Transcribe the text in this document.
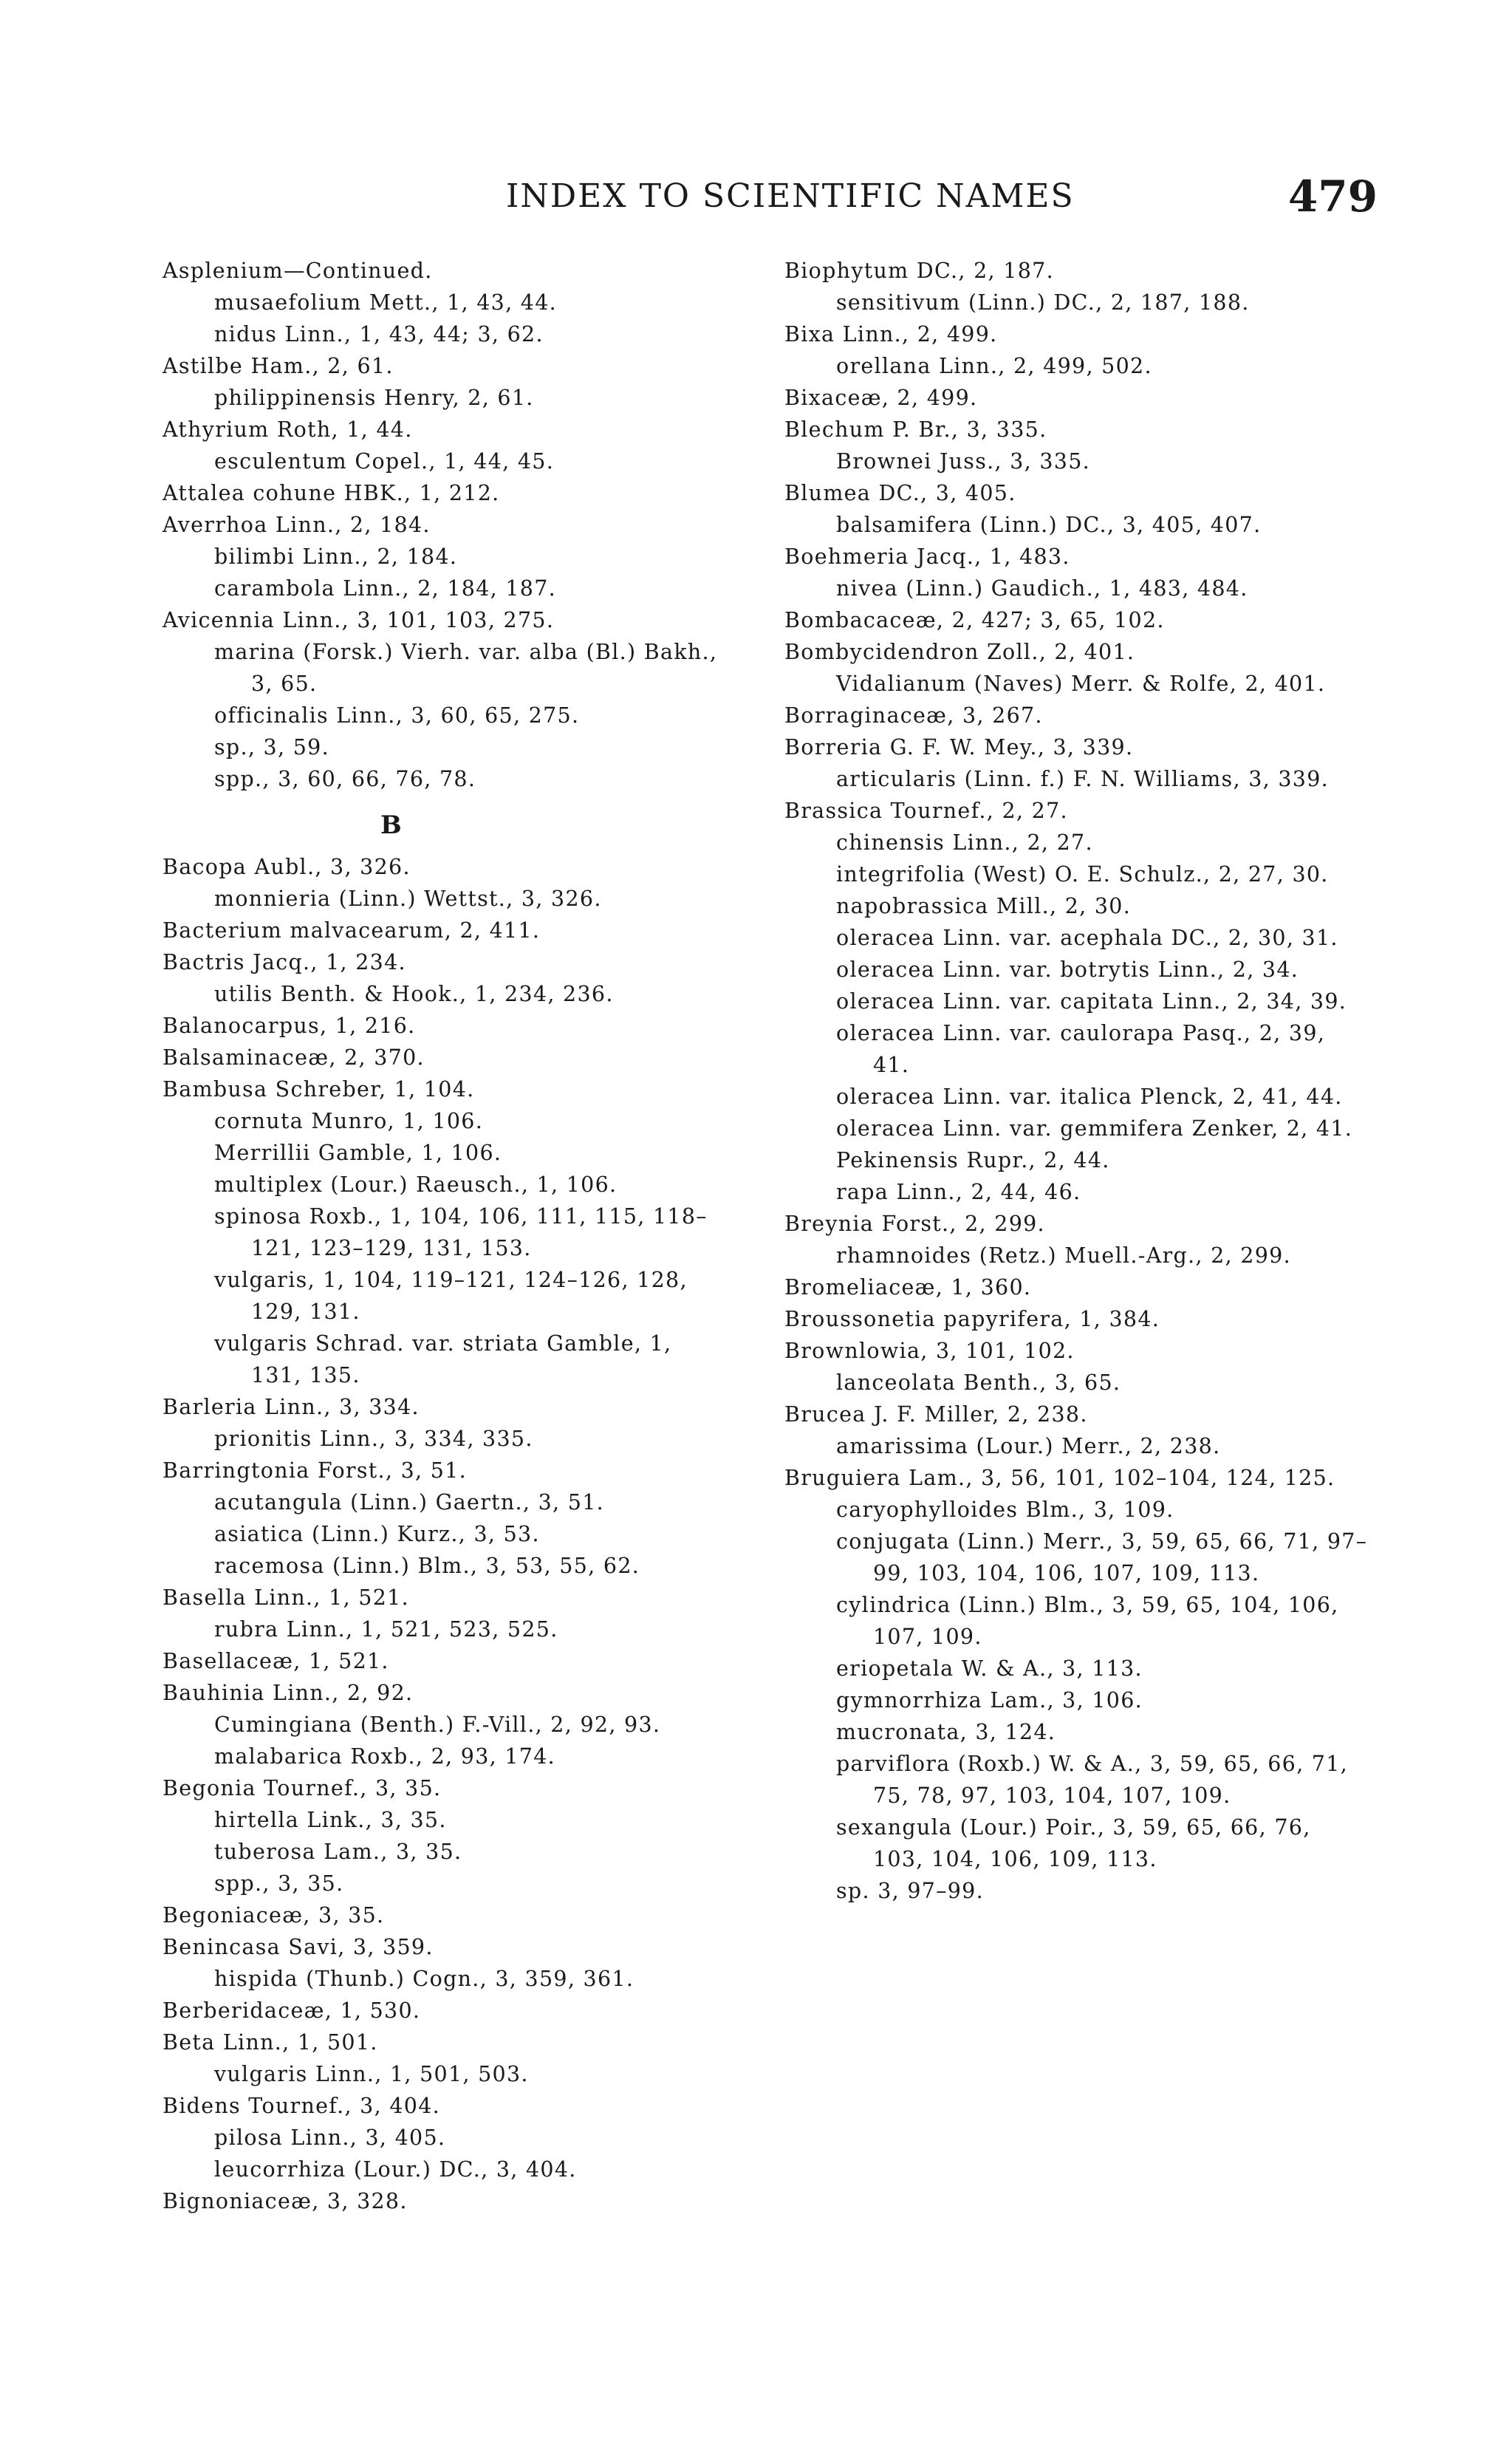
INDEX TO SCIENTIFIC NAMES	479
Asplenium—Continued.
musaefolium Mett., 1, 43, 44.
nidus Linn., 1, 43, 44; 3, 62.
Astilbe Ham., 2, 61.
philippinensis Henry, 2, 61.
Athyrium Roth, 1, 44.
esculentum Copel., 1, 44, 45.
Attalea cohune HBK., 1, 212.
Averrhoa Linn., 2, 184.
bilimbi Linn., 2, 184.
carambola Linn., 2, 184, 187.
Avicennia Linn., 3, 101, 103, 275.
marina (Forsk.) Vierh. var. alba (Bl.) Bakh., 3, 65.
officinalis Linn., 3, 60, 65, 275.
sp., 3, 59.
spp., 3, 60, 66, 76, 78.
B
Bacopa Aubl., 3, 326.
monnieria (Linn.) Wettst., 3, 326.
Bacterium malvacearum, 2, 411.
Bactris Jacq., 1, 234.
utilis Benth. & Hook., 1, 234, 236.
Balanocarpus, 1, 216.
Balsaminaceæ, 2, 370.
Bambusa Schreber, 1, 104.
cornuta Munro, 1, 106.
Merrillii Gamble, 1, 106.
multiplex (Lour.) Raeusch., 1, 106.
spinosa Roxb., 1, 104, 106, 111, 115, 118–121, 123–129, 131, 153.
vulgaris, 1, 104, 119–121, 124–126, 128, 129, 131.
vulgaris Schrad. var. striata Gamble, 1, 131, 135.
Barleria Linn., 3, 334.
prionitis Linn., 3, 334, 335.
Barringtonia Forst., 3, 51.
acutangula (Linn.) Gaertn., 3, 51.
asiatica (Linn.) Kurz., 3, 53.
racemosa (Linn.) Blm., 3, 53, 55, 62.
Basella Linn., 1, 521.
rubra Linn., 1, 521, 523, 525.
Basellaceæ, 1, 521.
Bauhinia Linn., 2, 92.
Cumingiana (Benth.) F.-Vill., 2, 92, 93.
malabarica Roxb., 2, 93, 174.
Begonia Tournef., 3, 35.
hirtella Link., 3, 35.
tuberosa Lam., 3, 35.
spp., 3, 35.
Begoniaceæ, 3, 35.
Benincasa Savi, 3, 359.
hispida (Thunb.) Cogn., 3, 359, 361.
Berberidaceæ, 1, 530.
Beta Linn., 1, 501.
vulgaris Linn., 1, 501, 503.
Bidens Tournef., 3, 404.
pilosa Linn., 3, 405.
leucorrhiza (Lour.) DC., 3, 404.
Bignoniaceæ, 3, 328.
Biophytum DC., 2, 187.
sensitivum (Linn.) DC., 2, 187, 188.
Bixa Linn., 2, 499.
orellana Linn., 2, 499, 502.
Bixaceæ, 2, 499.
Blechum P. Br., 3, 335.
Brownei Juss., 3, 335.
Blumea DC., 3, 405.
balsamifera (Linn.) DC., 3, 405, 407.
Boehmeria Jacq., 1, 483.
nivea (Linn.) Gaudich., 1, 483, 484.
Bombacaceæ, 2, 427; 3, 65, 102.
Bombycidendron Zoll., 2, 401.
Vidalianum (Naves) Merr. & Rolfe, 2, 401.
Borraginaceæ, 3, 267.
Borreria G. F. W. Mey., 3, 339.
articularis (Linn. f.) F. N. Williams, 3, 339.
Brassica Tournef., 2, 27.
chinensis Linn., 2, 27.
integrifolia (West) O. E. Schulz., 2, 27, 30.
napobrassica Mill., 2, 30.
oleracea Linn. var. acephala DC., 2, 30, 31.
oleracea Linn. var. botrytis Linn., 2, 34.
oleracea Linn. var. capitata Linn., 2, 34, 39.
oleracea Linn. var. caulorapa Pasq., 2, 39, 41.
oleracea Linn. var. italica Plenck, 2, 41, 44.
oleracea Linn. var. gemmifera Zenker, 2, 41.
Pekinensis Rupr., 2, 44.
rapa Linn., 2, 44, 46.
Breynia Forst., 2, 299.
rhamnoides (Retz.) Muell.-Arg., 2, 299.
Bromeliaceæ, 1, 360.
Broussonetia papyrifera, 1, 384.
Brownlowia, 3, 101, 102.
lanceolata Benth., 3, 65.
Brucea J. F. Miller, 2, 238.
amarissima (Lour.) Merr., 2, 238.
Bruguiera Lam., 3, 56, 101, 102–104, 124, 125.
caryophylloides Blm., 3, 109.
conjugata (Linn.) Merr., 3, 59, 65, 66, 71, 97–99, 103, 104, 106, 107, 109, 113.
cylindrica (Linn.) Blm., 3, 59, 65, 104, 106, 107, 109.
eriopetala W. & A., 3, 113.
gymnorrhiza Lam., 3, 106.
mucronata, 3, 124.
parviflora (Roxb.) W. & A., 3, 59, 65, 66, 71, 75, 78, 97, 103, 104, 107, 109.
sexangula (Lour.) Poir., 3, 59, 65, 66, 76, 103, 104, 106, 109, 113.
sp. 3, 97–99.
